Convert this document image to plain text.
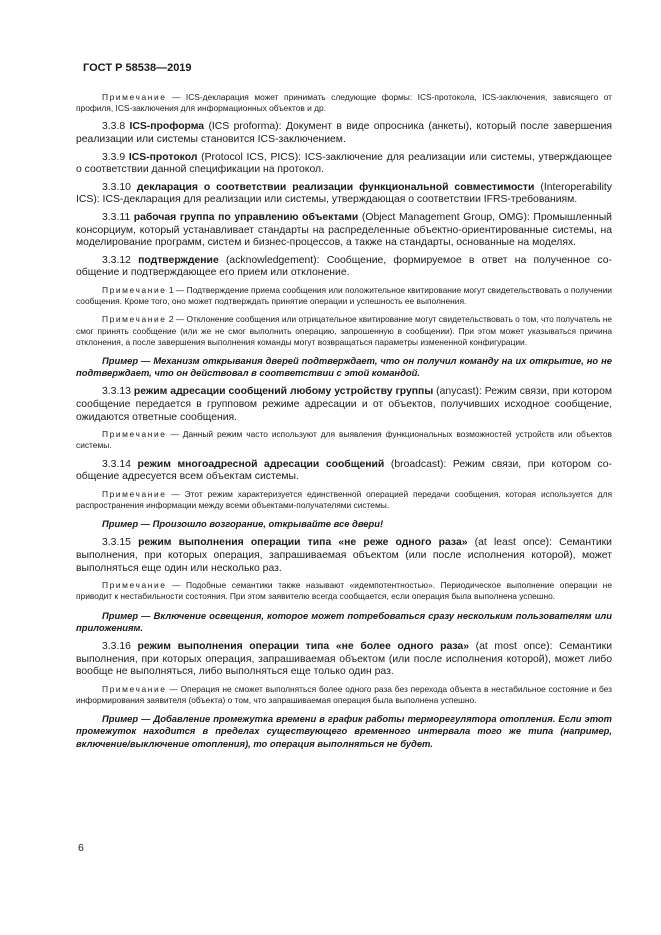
ГОСТ Р 58538—2019

Примечание — ICS-декларация может принимать следующие формы: ICS-протокола, ICS-заключения, зависящего от профиля, ICS-заключения для информационных объектов и др.

3.3.8 ICS-проформа (ICS proforma): Документ в виде опросника (анкеты), который после завершения реализации или системы становится ICS-заключением.
3.3.9 ICS-протокол (Protocol ICS, PICS): ICS-заключение для реализации или системы, утверждающее о соответствии данной спецификации на протокол.
3.3.10 декларация о соответствии реализации функциональной совместимости (Interoperability ICS): ICS-декларация для реализации или системы, утверждающая о соответствии IFRS-требованиям.
3.3.11 рабочая группа по управлению объектами (Object Management Group, OMG): Промышленный консорциум, который устанавливает стандарты на распределенные объектно-ориентированные системы, на моделирование программ, систем и бизнес-процессов, а также на стандарты, основанные на моделях.
3.3.12 подтверждение (acknowledgement): Сообщение, формируемое в ответ на полученное сообщение и подтверждающее его прием или отклонение.

Примечание 1 — Подтверждение приема сообщения или положительное квитирование могут свидетельствовать о получении сообщения. Кроме того, оно может подтверждать принятие операции и успешность ее выполнения.

Примечание 2 — Отклонение сообщения или отрицательное квитирование могут свидетельствовать о том, что получатель не смог принять сообщение (или же не смог выполнить операцию, запрошенную в сообщении). При этом может указываться причина отклонения, а после завершения выполнения команды могут возвращаться параметры измененной конфигурации.

Пример — Механизм открывания дверей подтверждает, что он получил команду на их открытие, но не подтверждает, что он действовал в соответствии с этой командой.
3.3.13 режим адресации сообщений любому устройству группы (anycast): Режим связи, при котором сообщение передается в групповом режиме адресации и от объектов, получивших исходное сообщение, ожидаются ответные сообщения.

Примечание — Данный режим часто используют для выявления функциональных возможностей устройств или объектов системы.

3.3.14 режим многоадресной адресации сообщений (broadcast): Режим связи, при котором сообщение адресуется всем объектам системы.

Примечание — Этот режим характеризуется единственной операцией передачи сообщения, которая используется для распространения информации между всеми объектами-получателями системы.

Пример — Произошло возгорание, открывайте все двери!
3.3.15 режим выполнения операции типа «не реже одного раза» (at least once): Семантики выполнения, при которых операция, запрашиваемая объектом (или после исполнения которой), может выполняться еще один или несколько раз.

Примечание — Подобные семантики также называют «идемпотентностью». Периодическое выполнение операции не приводит к нестабильности состояния. При этом заявителю всегда сообщается, если операция была выполнена успешно.

Пример — Включение освещения, которое может потребоваться сразу нескольким пользователям или приложениям.
3.3.16 режим выполнения операции типа «не более одного раза» (at most once): Семантики выполнения, при которых операция, запрашиваемая объектом (или после исполнения которой), может либо вообще не выполняться, либо выполняться еще только один раз.

Примечание — Операция не сможет выполняться более одного раза без перехода объекта в нестабильное состояние и без информирования заявителя (объекта) о том, что запрашиваемая операция была выполнена успешно.

Пример — Добавление промежутка времени в график работы терморегулятора отопления. Если этот промежуток находится в пределах существующего временного интервала того же типа (например, включение/выключение отопления), то операция выполняться не будет.
6
